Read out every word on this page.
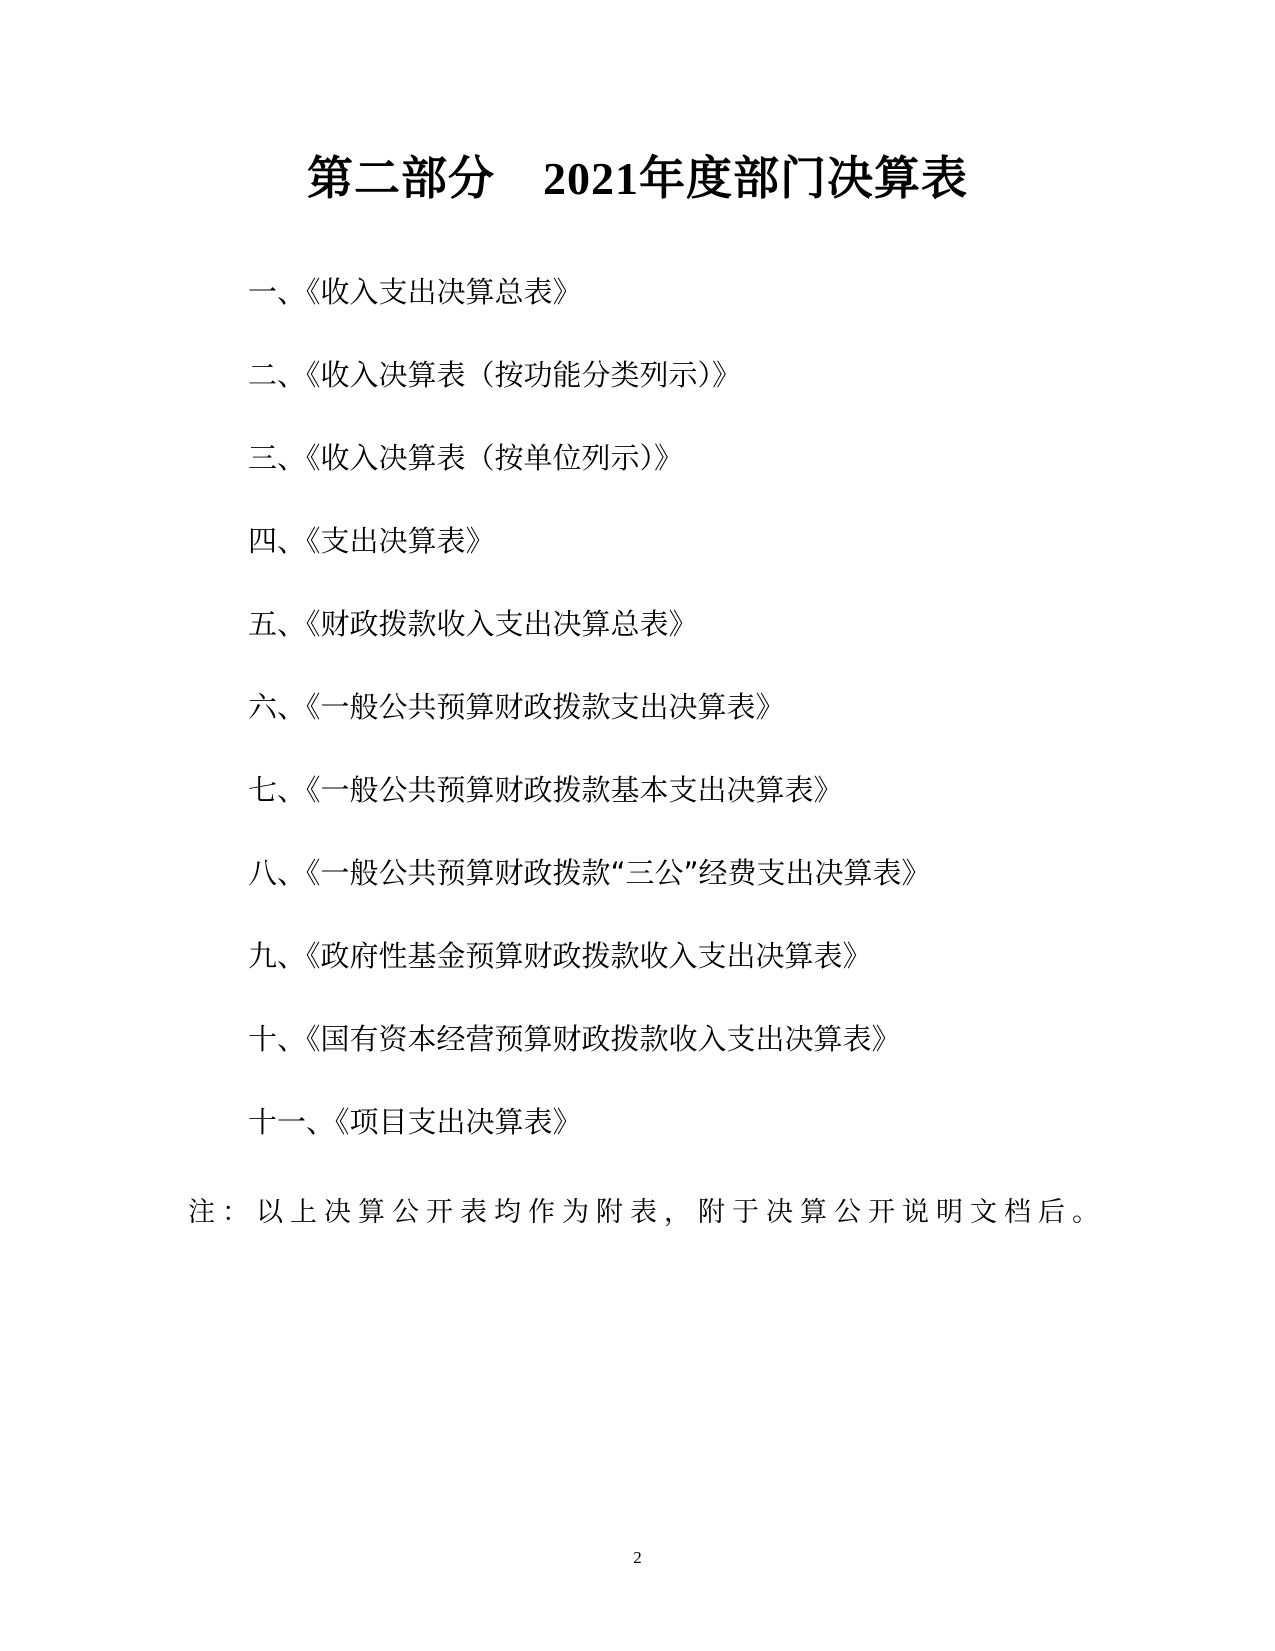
第二部分 2021年度部门决算表
一、《收入支出决算总表》
二、《收入决算表（按功能分类列示）》
三、《收入决算表（按单位列示）》
四、《支出决算表》
五、《财政拨款收入支出决算总表》
六、《一般公共预算财政拨款支出决算表》
七、《一般公共预算财政拨款基本支出决算表》
八、《一般公共预算财政拨款“三公”经费支出决算表》
九、《政府性基金预算财政拨款收入支出决算表》
十、《国有资本经营预算财政拨款收入支出决算表》
十一、《项目支出决算表》
注：以上决算公开表均作为附表，附于决算公开说明文档后。
2
